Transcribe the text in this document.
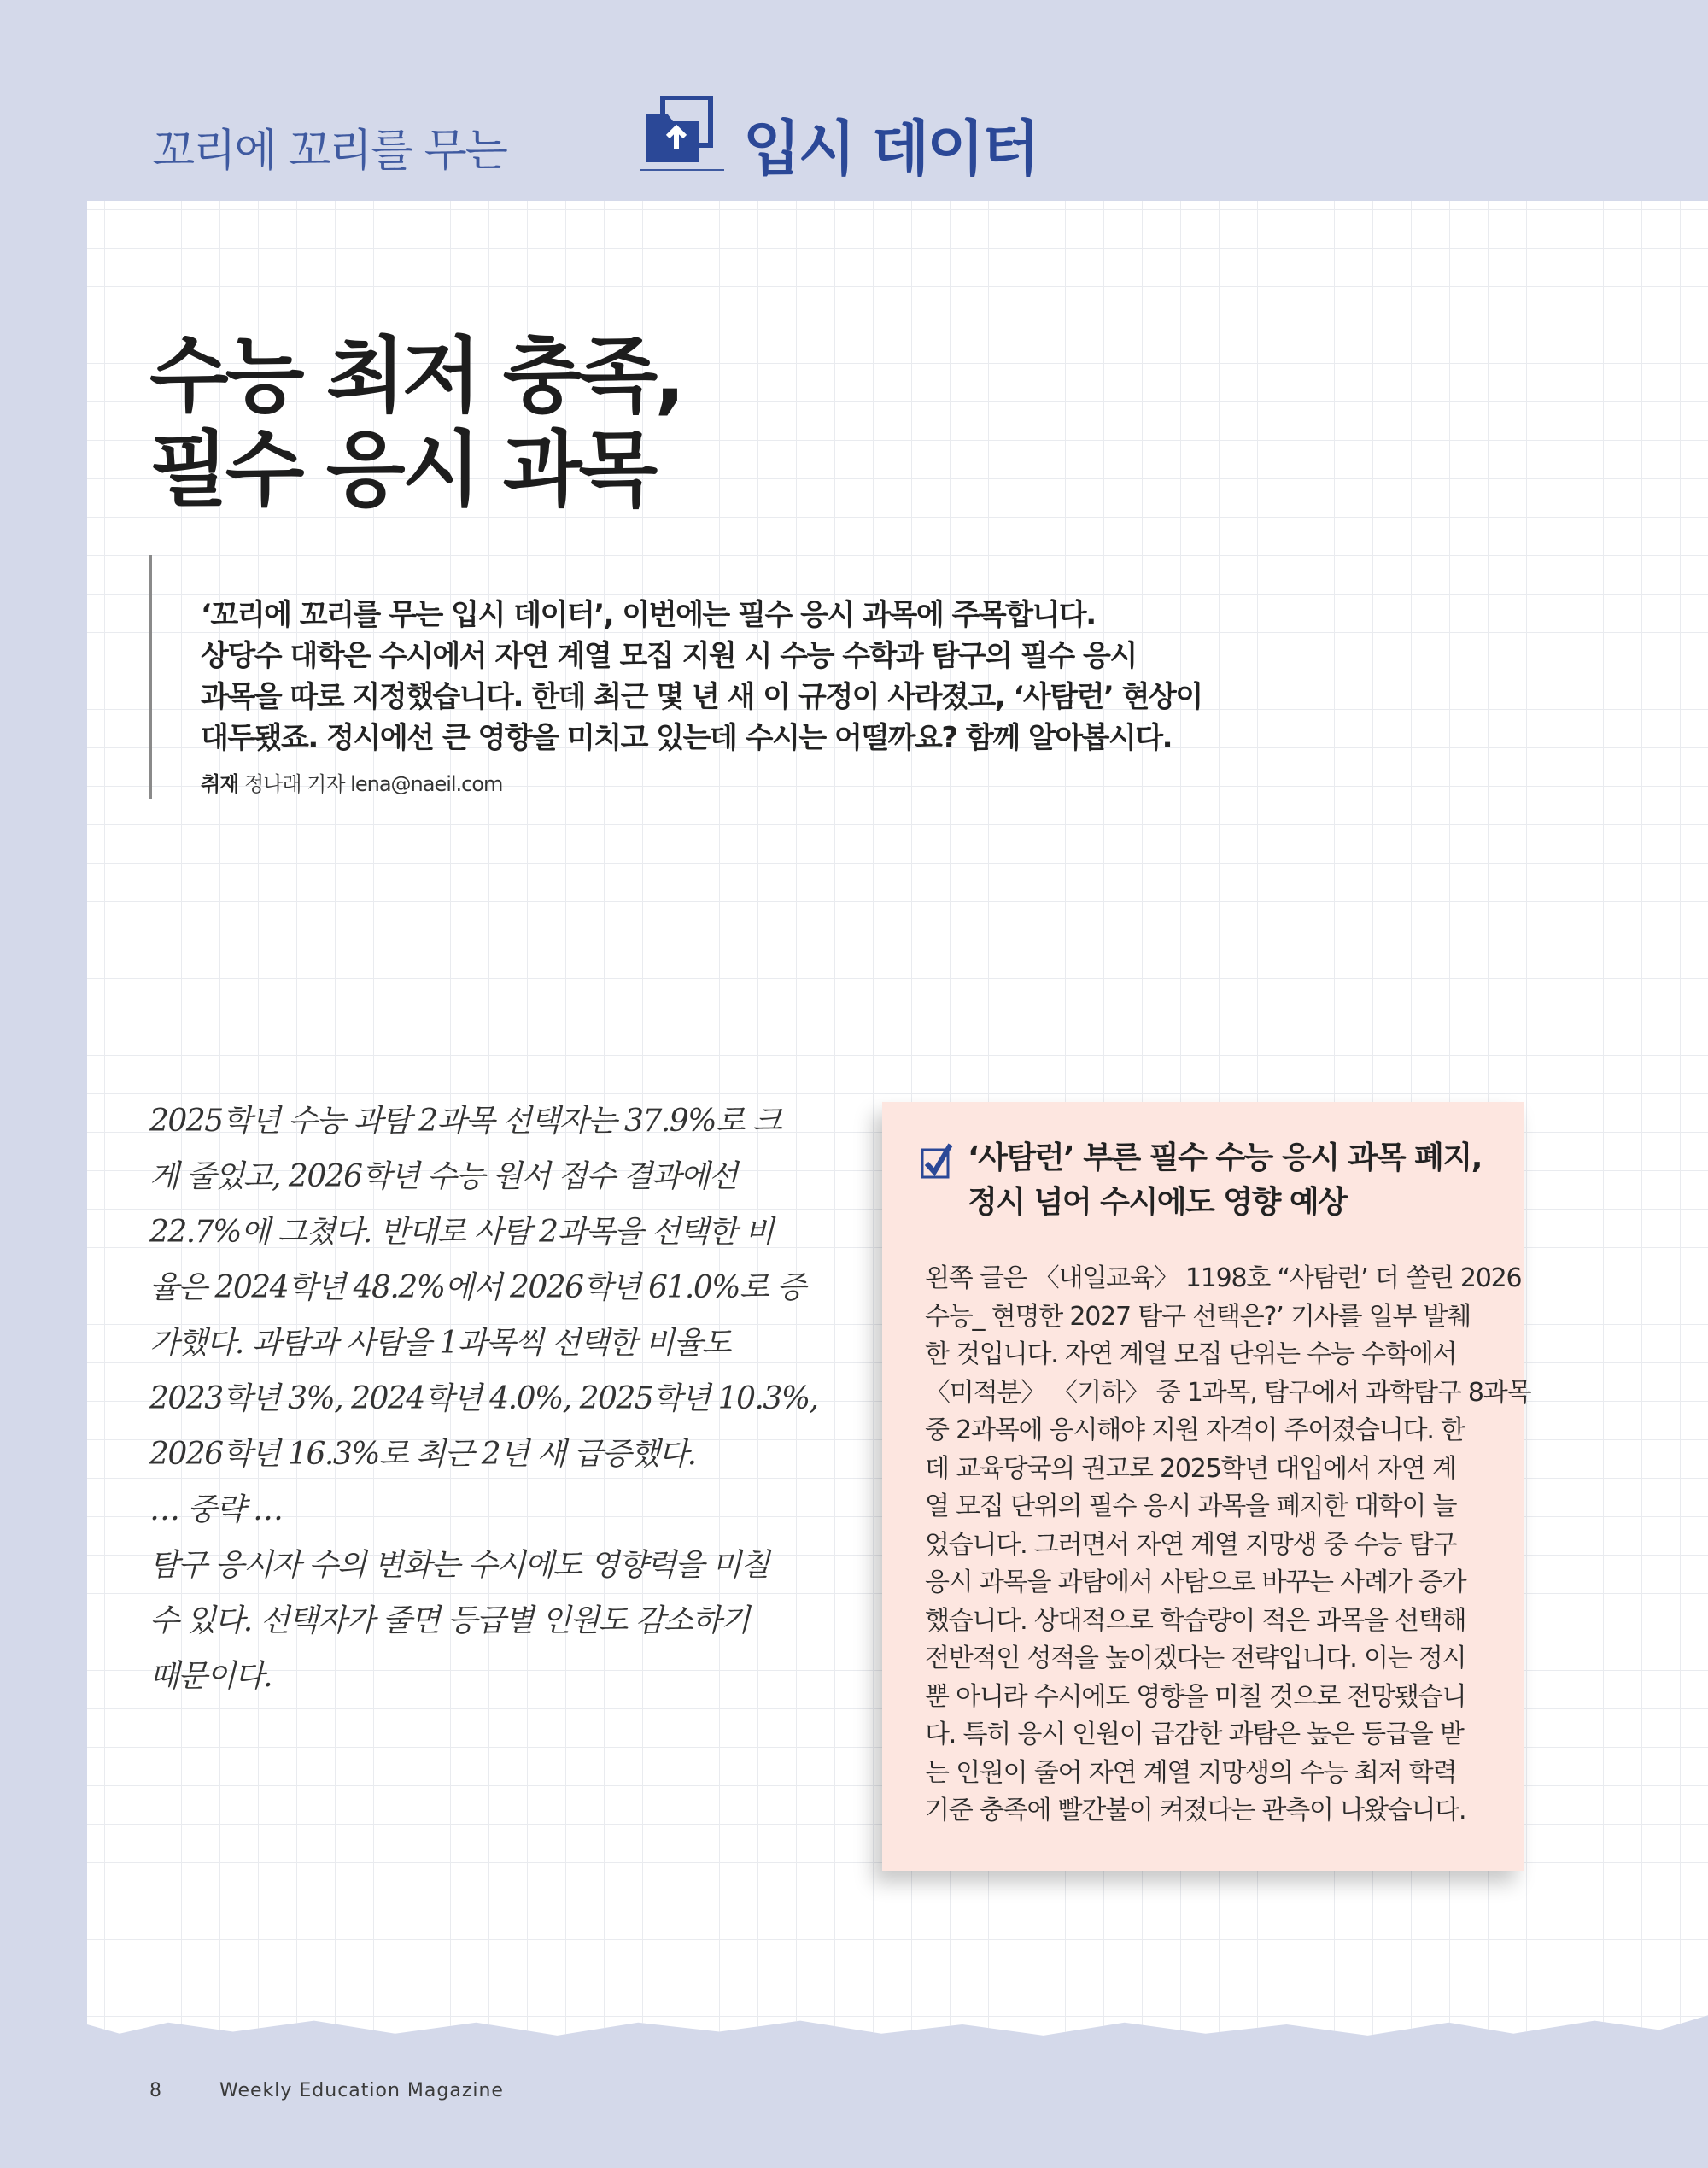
꼬리에 꼬리를 무는	입시 데이터
수능 최저 충족,
필수 응시 과목
‘꼬리에 꼬리를 무는 입시 데이터’, 이번에는 필수 응시 과목에 주목합니다.
상당수 대학은 수시에서 자연 계열 모집 지원 시 수능 수학과 탐구의 필수 응시
과목을 따로 지정했습니다. 한데 최근 몇 년 새 이 규정이 사라졌고, ‘사탐런’ 현상이
대두됐죠. 정시에선 큰 영향을 미치고 있는데 수시는 어떨까요? 함께 알아봅시다.
취재 정나래 기자 lena@naeil.com
2025학년 수능 과탐 2과목 선택자는 37.9%로 크
게 줄었고, 2026학년 수능 원서 접수 결과에선
22.7%에 그쳤다. 반대로 사탐 2과목을 선택한 비
율은 2024학년 48.2%에서 2026학년 61.0%로 증
가했다. 과탐과 사탐을 1과목씩 선택한 비율도
2023학년 3%, 2024학년 4.0%, 2025학년 10.3%,
2026학년 16.3%로 최근 2년 새 급증했다.
… 중략 …
탐구 응시자 수의 변화는 수시에도 영향력을 미칠
수 있다. 선택자가 줄면 등급별 인원도 감소하기
때문이다.
‘사탐런’ 부른 필수 수능 응시 과목 폐지,
정시 넘어 수시에도 영향 예상
왼쪽 글은 〈내일교육〉 1198호 “사탐런’ 더 쏠린 2026
수능_ 현명한 2027 탐구 선택은?’ 기사를 일부 발췌
한 것입니다. 자연 계열 모집 단위는 수능 수학에서
〈미적분〉 〈기하〉 중 1과목, 탐구에서 과학탐구 8과목
중 2과목에 응시해야 지원 자격이 주어졌습니다. 한
데 교육당국의 권고로 2025학년 대입에서 자연 계
열 모집 단위의 필수 응시 과목을 폐지한 대학이 늘
었습니다. 그러면서 자연 계열 지망생 중 수능 탐구
응시 과목을 과탐에서 사탐으로 바꾸는 사례가 증가
했습니다. 상대적으로 학습량이 적은 과목을 선택해
전반적인 성적을 높이겠다는 전략입니다. 이는 정시
뿐 아니라 수시에도 영향을 미칠 것으로 전망됐습니
다. 특히 응시 인원이 급감한 과탐은 높은 등급을 받
는 인원이 줄어 자연 계열 지망생의 수능 최저 학력
기준 충족에 빨간불이 켜졌다는 관측이 나왔습니다.
8	Weekly Education Magazine
